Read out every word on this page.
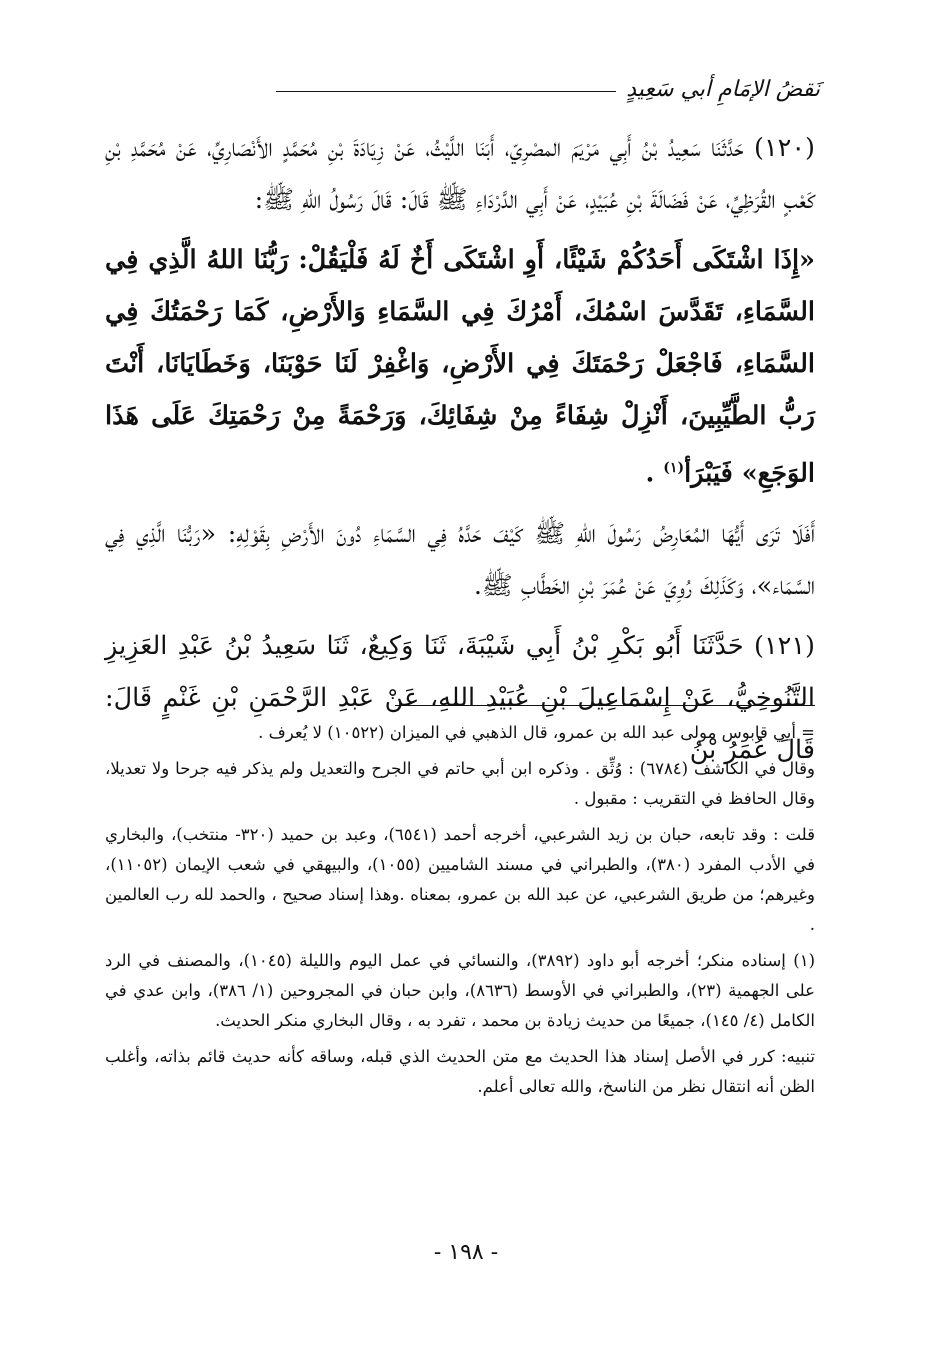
نَقضُ الإمَامِ أبي سَعِيدٍ

(١٢٠) حَدَّثَنَا سَعِيدُ بْنُ أَبِي مَرْيَمَ المصْرِيّ، أَبَنَا اللَّيْثُ، عَنْ زِيَادَةَ بْنِ مُحَمَّدٍ الأَنْصَارِيِّ، عَنْ مُحَمَّدِ بْنِ كَعْبٍ القُرَظِيِّ، عَنْ فَضَالَةَ بْنِ عُبَيْدٍ، عَنْ أَبِي الدَّرْدَاءِ ﷺ قَالَ: قَالَ رَسُولُ اللهِ ﷺ:

«إِذَا اشْتَكَى أَحَدُكُمْ شَيْئًا، أَوِ اشْتَكَى أَخٌ لَهُ فَلْيَقُلْ: رَبُّنَا اللهُ الَّذِي فِي السَّمَاءِ، تَقَدَّسَ اسْمُكَ، أَمْرُكَ فِي السَّمَاءِ وَالأَرْضِ، كَمَا رَحْمَتُكَ فِي السَّمَاءِ، فَاجْعَلْ رَحْمَتَكَ فِي الأَرْضِ، وَاغْفِرْ لَنَا حَوْبَنَا، وَخَطَايَانَا، أَنْتَ رَبُّ الطَّيِّبِينَ، أَنْزِلْ شِفَاءً مِنْ شِفَائِكَ، وَرَحْمَةً مِنْ رَحْمَتِكَ عَلَى هَذَا الوَجَعِ» فَيَبْرَأ$^{(١)}$ .

أَفَلَا تَرَى أَيُّهَا المُعَارِضُ رَسُولَ اللهِ ﷺ كَيْفَ حَدَّهُ فِي السَّمَاءِ دُونَ الأَرْضِ بِقَوْلِهِ: «رَبُّنَا الَّذِي فِي السَّمَاء»، وَكَذَلِكَ رُوِيَ عَنْ عُمَرَ بْنِ الخَطَّابِ ﷺ.

(١٢١) حَدَّثَنَا أَبُو بَكْرِ بْنُ أَبِي شَيْبَةَ، ثَنَا وَكِيعٌ، ثَنَا سَعِيدُ بْنُ عَبْدِ العَزِيزِ التَّنُوخِيُّ، عَنْ إِسْمَاعِيلَ بْنِ عُبَيْدِ اللهِ، عَنْ عَبْدِ الرَّحْمَنِ بْنِ غَنْمٍ قَالَ: قَالَ عُمَرُ بْنُ

= أبي قابوس مولى عبد الله بن عمرو، قال الذهبي في الميزان (١٠٥٢٢) لا يُعرف .

وقال في الكاشف (٦٧٨٤) : وُثِّق . وذكره ابن أبي حاتم في الجرح والتعديل ولم يذكر فيه جرحا ولا تعديلا، وقال الحافظ في التقريب : مقبول .

قلت : وقد تابعه، حبان بن زيد الشرعبي، أخرجه أحمد (٦٥٤١)، وعبد بن حميد (٣٢٠- منتخب)، والبخاري في الأدب المفرد (٣٨٠)، والطبراني في مسند الشاميين (١٠٥٥)، والبيهقي في شعب الإيمان (١١٠٥٢)، وغيرهم؛ من طريق الشرعبي، عن عبد الله بن عمرو، بمعناه .وهذا إسناد صحيح ، والحمد لله رب العالمين .

(١) إسناده منكر؛ أخرجه أبو داود (٣٨٩٢)، والنسائي في عمل اليوم والليلة (١٠٤٥)، والمصنف في الرد على الجهمية (٢٣)، والطبراني في الأوسط (٨٦٣٦)، وابن حبان في المجروحين (١/ ٣٨٦)، وابن عدي في الكامل (٤/ ١٤٥)، جميعًا من حديث زيادة بن محمد ، تفرد به ، وقال البخاري منكر الحديث.

تنبيه: كرر في الأصل إسناد هذا الحديث مع متن الحديث الذي قبله، وساقه كأنه حديث قائم بذاته، وأغلب الظن أنه انتقال نظر من الناسخ، والله تعالى أعلم.

- ١٩٨ -
